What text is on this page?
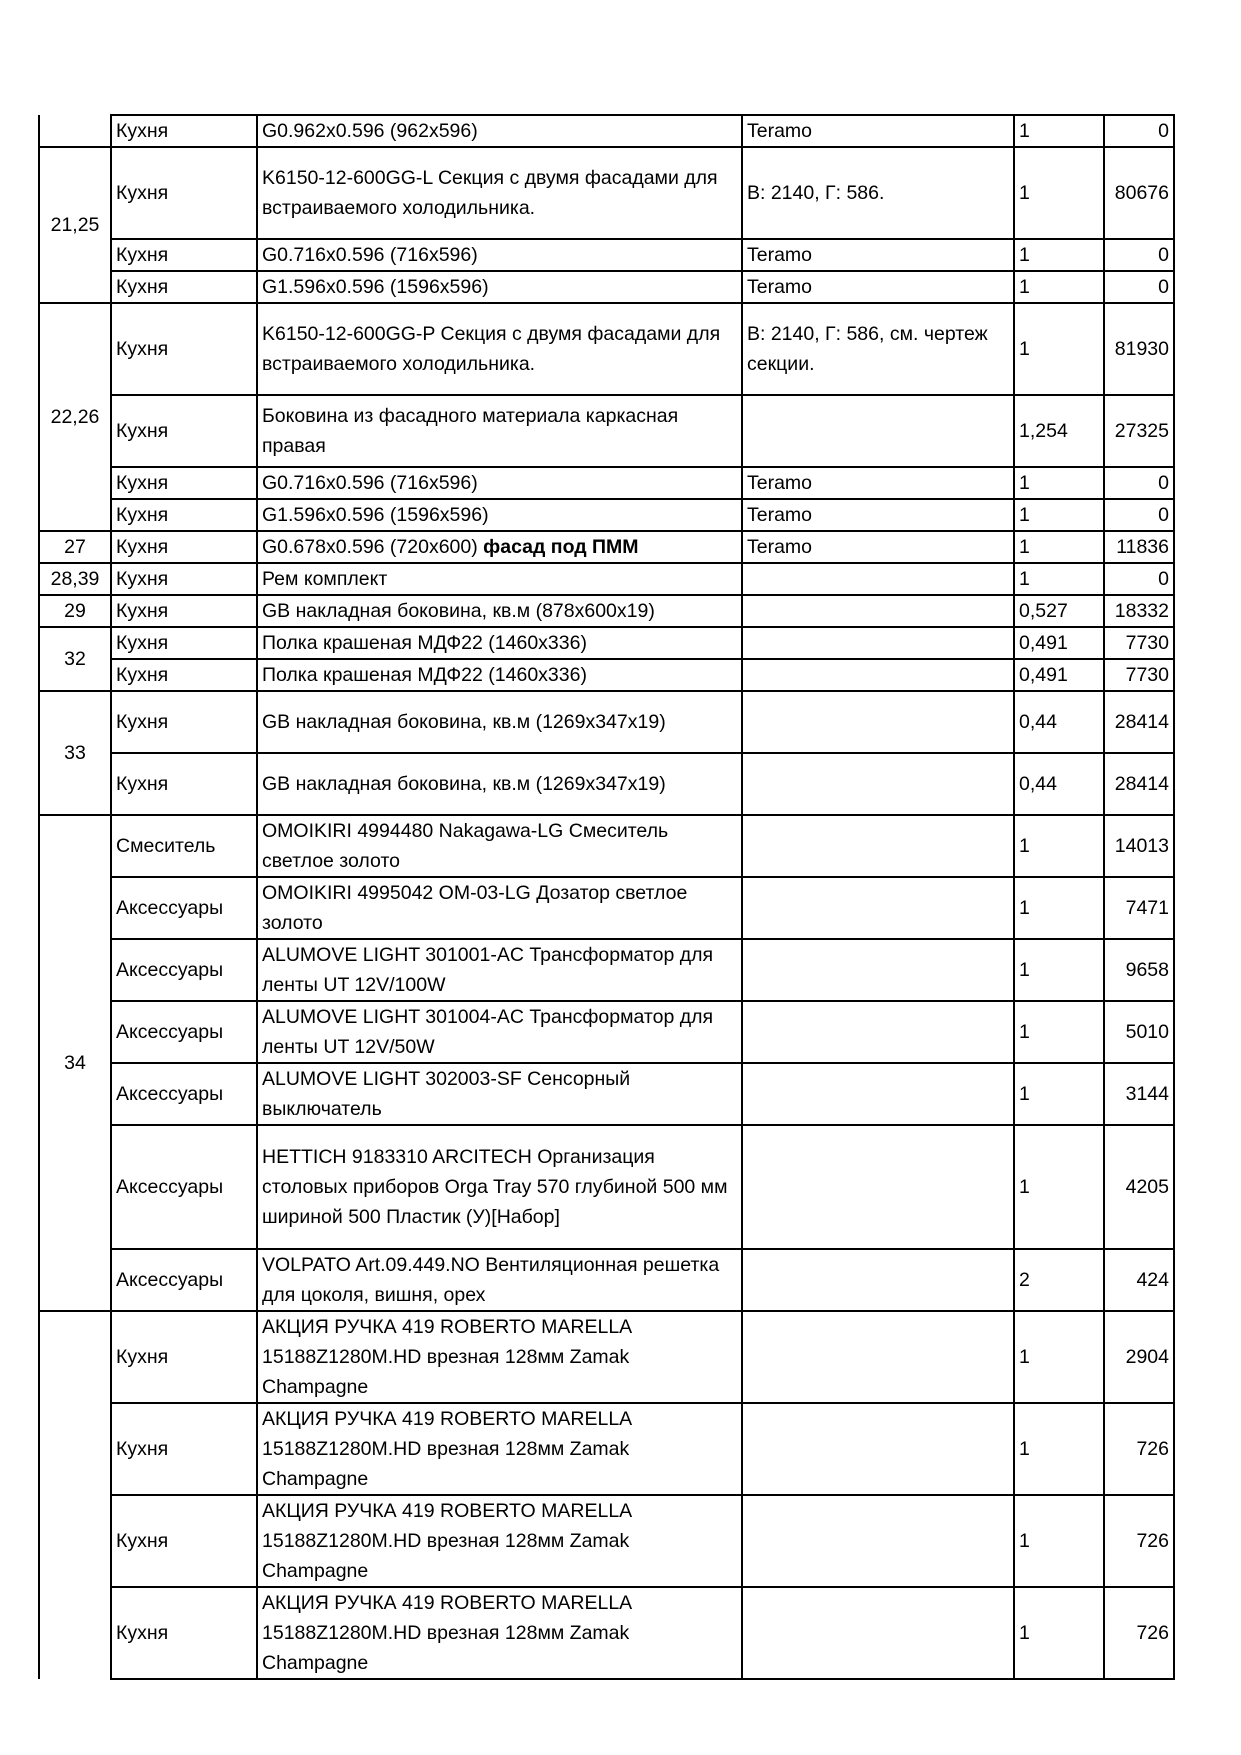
	Кухня	G0.962x0.596 (962x596)	Teramo	1	0
21,25	Кухня	K6150-12-600GG-L Секция с двумя фасадами для встраиваемого холодильника.	В: 2140, Г: 586.	1	80676
	Кухня	G0.716x0.596 (716x596)	Teramo	1	0
	Кухня	G1.596x0.596 (1596x596)	Teramo	1	0
22,26	Кухня	K6150-12-600GG-P Секция с двумя фасадами для встраиваемого холодильника.	В: 2140, Г: 586, см. чертеж секции.	1	81930
	Кухня	Боковина из фасадного материала каркасная правая		1,254	27325
	Кухня	G0.716x0.596 (716x596)	Teramo	1	0
	Кухня	G1.596x0.596 (1596x596)	Teramo	1	0
27	Кухня	G0.678x0.596 (720x600) фасад под ПММ	Teramo	1	11836
28,39	Кухня	Рем комплект		1	0
29	Кухня	GB накладная боковина, кв.м (878x600x19)		0,527	18332
32	Кухня	Полка крашеная МДФ22 (1460x336)		0,491	7730
	Кухня	Полка крашеная МДФ22 (1460x336)		0,491	7730
33	Кухня	GB накладная боковина, кв.м (1269x347x19)		0,44	28414
	Кухня	GB накладная боковина, кв.м (1269x347x19)		0,44	28414
34	Смеситель	OMOIKIRI 4994480 Nakagawa-LG Смеситель светлое золото		1	14013
	Аксессуары	OMOIKIRI 4995042 OM-03-LG Дозатор светлое золото		1	7471
	Аксессуары	ALUMOVE LIGHT 301001-AC Трансформатор для ленты UT 12V/100W		1	9658
	Аксессуары	ALUMOVE LIGHT 301004-AC Трансформатор для ленты UT 12V/50W		1	5010
	Аксессуары	ALUMOVE LIGHT 302003-SF Сенсорный выключатель		1	3144
	Аксессуары	HETTICH 9183310 ARCITECH Организация столовых приборов Orga Tray 570 глубиной 500 мм шириной 500 Пластик (У)[Набор]		1	4205
	Аксессуары	VOLPATO Art.09.449.NO Вентиляционная решетка для цоколя, вишня, орех		2	424
	Кухня	АКЦИЯ РУЧКА 419 ROBERTO MARELLA 15188Z1280M.HD врезная 128мм Zamak Champagne		1	2904
	Кухня	АКЦИЯ РУЧКА 419 ROBERTO MARELLA 15188Z1280M.HD врезная 128мм Zamak Champagne		1	726
	Кухня	АКЦИЯ РУЧКА 419 ROBERTO MARELLA 15188Z1280M.HD врезная 128мм Zamak Champagne		1	726
	Кухня	АКЦИЯ РУЧКА 419 ROBERTO MARELLA 15188Z1280M.HD врезная 128мм Zamak Champagne		1	726
